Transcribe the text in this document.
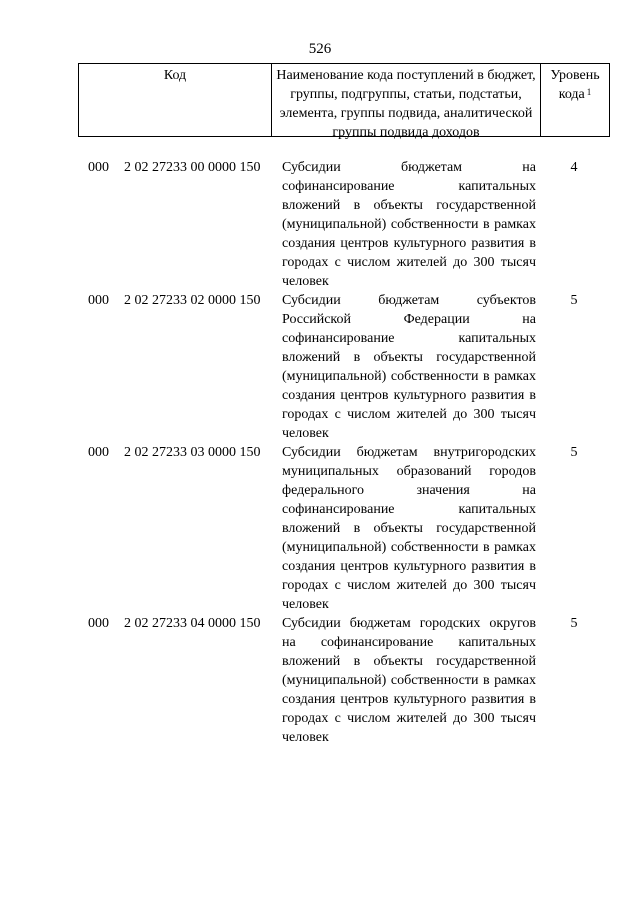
526
Код	Наименование кода поступлений в бюджет, группы, подгруппы, статьи, подстатьи, элемента, группы подвида, аналитической группы подвида доходов
Уровень кода $^1$
000 2 02 27233 00 0000 150 Субсидии бюджетам на софинансирование капитальных вложений в объекты государственной (муниципальной) собственности в рамках создания центров культурного развития в городах с числом жителей до 300 тысяч человек
4
000 2 02 27233 02 0000 150 Субсидии бюджетам субъектов Российской Федерации на софинансирование капитальных вложений в объекты государственной (муниципальной) собственности в рамках создания центров культурного развития в городах с числом жителей до 300 тысяч человек
5
000 2 02 27233 03 0000 150 Субсидии бюджетам внутригородских муниципальных образований городов федерального значения на софинансирование капитальных вложений в объекты государственной (муниципальной) собственности в рамках создания центров культурного развития в городах с числом жителей до 300 тысяч человек
5
000 2 02 27233 04 0000 150 Субсидии бюджетам городских округов на софинансирование капитальных вложений в объекты государственной (муниципальной) собственности в рамках создания центров культурного развития в городах с числом жителей до 300 тысяч человек
5
